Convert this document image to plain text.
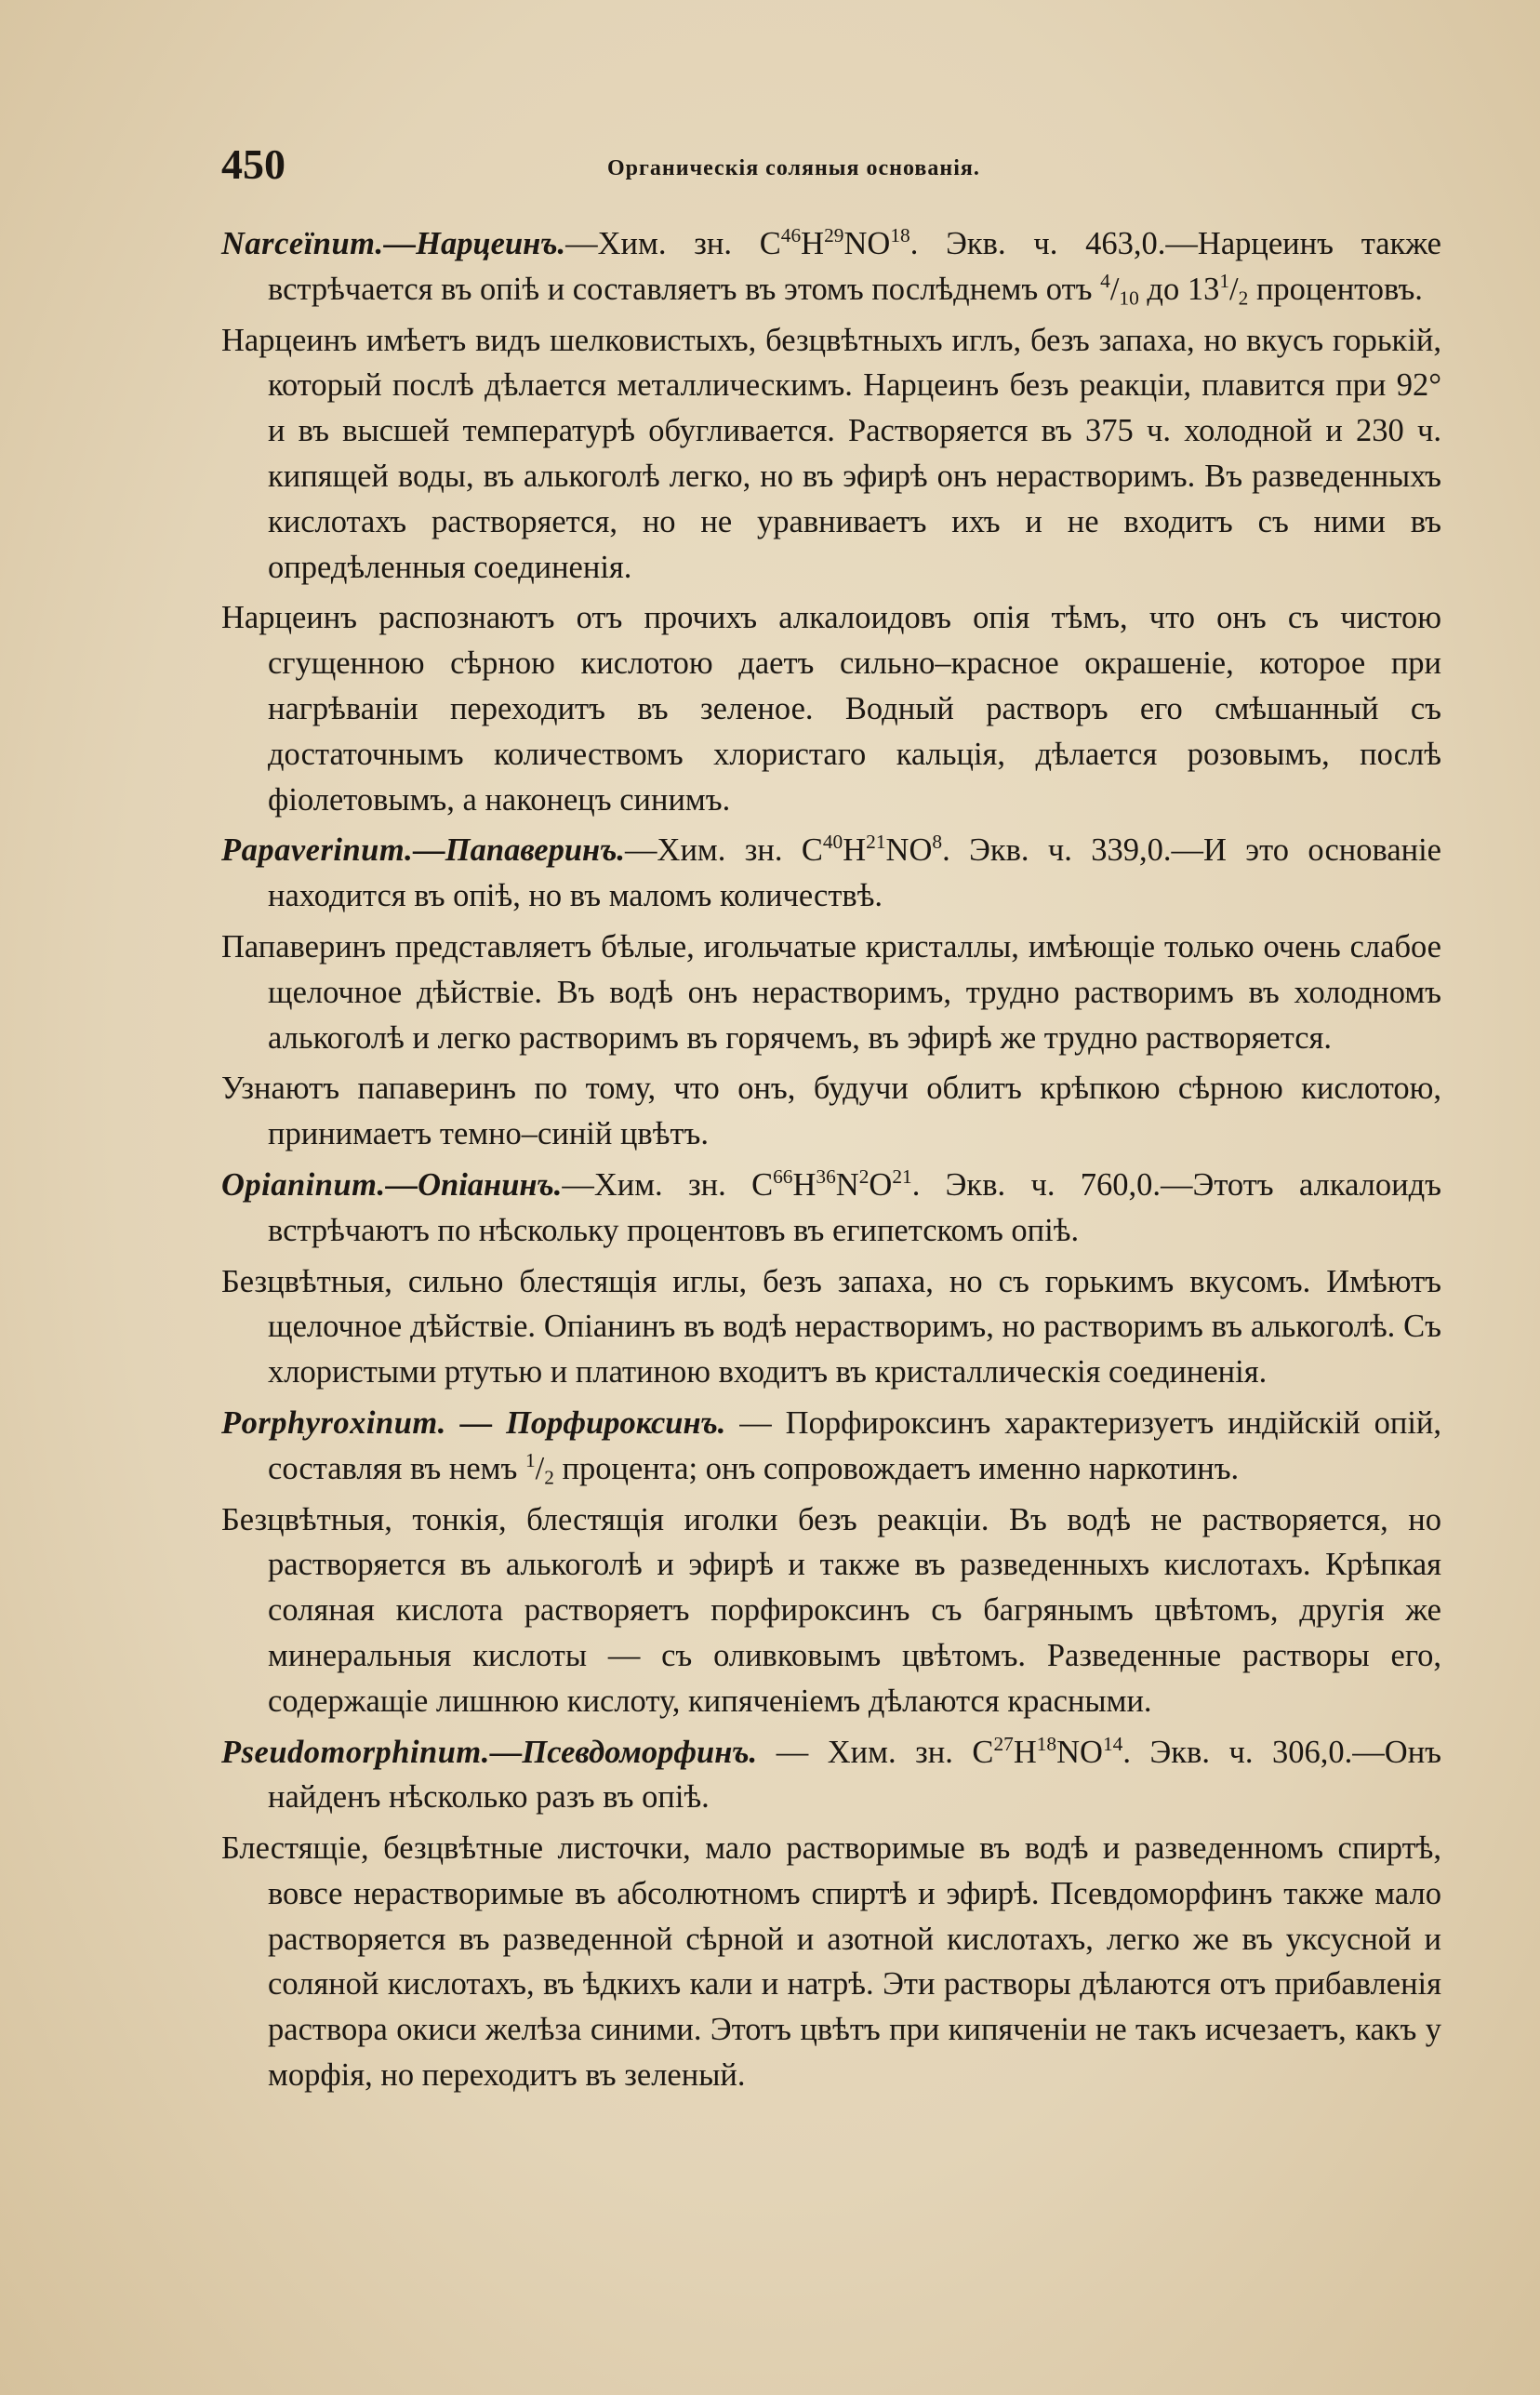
450	Органическія соляныя основанія.

Narceïnum.—Нарцеинъ.—Хим. зн. $C^{46}H^{29}NO^{18}$. Экв. ч. 463,0.—Нарцеинъ также встрѣчается въ опіѣ и составляетъ въ этомъ послѣднемъ отъ $^4/_{10}$ до $13^1/_2$ процентовъ.

Нарцеинъ имѣетъ видъ шелковистыхъ, безцвѣтныхъ иглъ, безъ запаха, но вкусъ горькій, который послѣ дѣлается металлическимъ. Нарцеинъ безъ реакціи, плавится при 92° и въ высшей температурѣ обугливается. Растворяется въ 375 ч. холодной и 230 ч. кипящей воды, въ алькоголѣ легко, но въ эфирѣ онъ нерастворимъ. Въ разведенныхъ кислотахъ растворяется, но не уравниваетъ ихъ и не входитъ съ ними въ опредѣленныя соединенія.

Нарцеинъ распознаютъ отъ прочихъ алкалоидовъ опія тѣмъ, что онъ съ чистою сгущенною сѣрною кислотою даетъ сильно–красное окрашеніе, которое при нагрѣваніи переходитъ въ зеленое. Водный растворъ его смѣшанный съ достаточнымъ количествомъ хлористаго кальція, дѣлается розовымъ, послѣ фіолетовымъ, а наконецъ синимъ.

Papaverinum.—Папаверинъ.—Хим. зн. $C^{40}H^{21}NO^8$. Экв. ч. 339,0.—И это основаніе находится въ опіѣ, но въ маломъ количествѣ.

Папаверинъ представляетъ бѣлые, игольчатые кристаллы, имѣющіе только очень слабое щелочное дѣйствіе. Въ водѣ онъ нерастворимъ, трудно растворимъ въ холодномъ алькоголѣ и легко растворимъ въ горячемъ, въ эфирѣ же трудно растворяется.

Узнаютъ папаверинъ по тому, что онъ, будучи облитъ крѣпкою сѣрною кислотою, принимаетъ темно–синій цвѣтъ.

Opianinum.—Опіанинъ.—Хим. зн. $C^{66}H^{36}N^2O^{21}$. Экв. ч. 760,0.—Этотъ алкалоидъ встрѣчаютъ по нѣскольку процентовъ въ египетскомъ опіѣ.

Безцвѣтныя, сильно блестящія иглы, безъ запаха, но съ горькимъ вкусомъ. Имѣютъ щелочное дѣйствіе. Опіанинъ въ водѣ нерастворимъ, но растворимъ въ алькоголѣ. Съ хлористыми ртутью и платиною входитъ въ кристаллическія соединенія.

Porphyroxinum. — Порфироксинъ. — Порфироксинъ характеризуетъ индійскій опій, составляя въ немъ $^1/_2$ процента; онъ сопровождаетъ именно наркотинъ.

Безцвѣтныя, тонкія, блестящія иголки безъ реакціи. Въ водѣ не растворяется, но растворяется въ алькоголѣ и эфирѣ и также въ разведенныхъ кислотахъ. Крѣпкая соляная кислота растворяетъ порфироксинъ съ багрянымъ цвѣтомъ, другія же минеральныя кислоты — съ оливковымъ цвѣтомъ. Разведенные растворы его, содержащіе лишнюю кислоту, кипяченіемъ дѣлаются красными.

Pseudomorphinum.—Псевдоморфинъ. — Хим. зн. $C^{27}H^{18}NO^{14}$. Экв. ч. 306,0.—Онъ найденъ нѣсколько разъ въ опіѣ.

Блестящіе, безцвѣтные листочки, мало растворимые въ водѣ и разведенномъ спиртѣ, вовсе нерастворимые въ абсолютномъ спиртѣ и эфирѣ. Псевдоморфинъ также мало растворяется въ разведенной сѣрной и азотной кислотахъ, легко же въ уксусной и соляной кислотахъ, въ ѣдкихъ кали и натрѣ. Эти растворы дѣлаются отъ прибавленія раствора окиси желѣза синими. Этотъ цвѣтъ при кипяченіи не такъ исчезаетъ, какъ у морфія, но переходитъ въ зеленый.
